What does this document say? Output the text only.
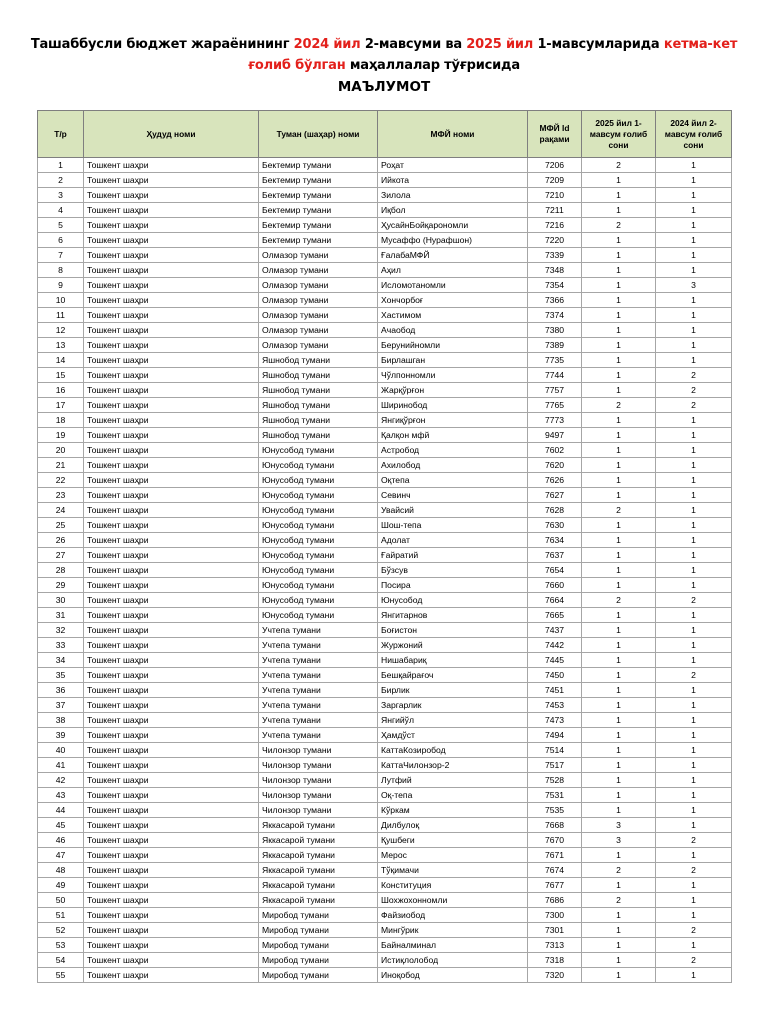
Ташаббусли бюджет жараёнининг 2024 йил 2-мавсуми ва 2025 йил 1-мавсумларида кетма-кет
ғолиб бўлган маҳаллалар тўғрисида
МАЪЛУМОТ
Т/р	Ҳудуд номи	Туман (шаҳар) номи	МФЙ номи	МФЙ Id рақами	2025 йил 1-мавсум ғолиб сони	2024 йил 2-мавсум ғолиб сони
1	Тошкент шаҳри	Бектемир тумани	Роҳат	7206	2	1
2	Тошкент шаҳри	Бектемир тумани	Ийкота	7209	1	1
3	Тошкент шаҳри	Бектемир тумани	Зилола	7210	1	1
4	Тошкент шаҳри	Бектемир тумани	Иқбол	7211	1	1
5	Тошкент шаҳри	Бектемир тумани	ҲусайнБойқарономли	7216	2	1
6	Тошкент шаҳри	Бектемир тумани	Мусаффо (Нурафшон)	7220	1	1
7	Тошкент шаҳри	Олмазор тумани	ҒалабаМФЙ	7339	1	1
8	Тошкент шаҳри	Олмазор тумани	Аҳил	7348	1	1
9	Тошкент шаҳри	Олмазор тумани	Исломотаномли	7354	1	3
10	Тошкент шаҳри	Олмазор тумани	Хончорбоғ	7366	1	1
11	Тошкент шаҳри	Олмазор тумани	Хастимом	7374	1	1
12	Тошкент шаҳри	Олмазор тумани	Ачаобод	7380	1	1
13	Тошкент шаҳри	Олмазор тумани	Берунийномли	7389	1	1
14	Тошкент шаҳри	Яшнобод тумани	Бирлашган	7735	1	1
15	Тошкент шаҳри	Яшнобод тумани	Чўлпонномли	7744	1	2
16	Тошкент шаҳри	Яшнобод тумани	Жарқўрғон	7757	1	2
17	Тошкент шаҳри	Яшнобод тумани	Ширинобод	7765	2	2
18	Тошкент шаҳри	Яшнобод тумани	Янгиқўрғон	7773	1	1
19	Тошкент шаҳри	Яшнобод тумани	Қалқон мфй	9497	1	1
20	Тошкент шаҳри	Юнусобод тумани	Астробод	7602	1	1
21	Тошкент шаҳри	Юнусобод тумани	Ахилобод	7620	1	1
22	Тошкент шаҳри	Юнусобод тумани	Оқтепа	7626	1	1
23	Тошкент шаҳри	Юнусобод тумани	Севинч	7627	1	1
24	Тошкент шаҳри	Юнусобод тумани	Увайсий	7628	2	1
25	Тошкент шаҳри	Юнусобод тумани	Шош-тепа	7630	1	1
26	Тошкент шаҳри	Юнусобод тумани	Адолат	7634	1	1
27	Тошкент шаҳри	Юнусобод тумани	Ғайратий	7637	1	1
28	Тошкент шаҳри	Юнусобод тумани	Бўзсув	7654	1	1
29	Тошкент шаҳри	Юнусобод тумани	Посира	7660	1	1
30	Тошкент шаҳри	Юнусобод тумани	Юнусобод	7664	2	2
31	Тошкент шаҳри	Юнусобод тумани	Янгитарнов	7665	1	1
32	Тошкент шаҳри	Учтепа тумани	Боғистон	7437	1	1
33	Тошкент шаҳри	Учтепа тумани	Журжоний	7442	1	1
34	Тошкент шаҳри	Учтепа тумани	Нишабариқ	7445	1	1
35	Тошкент шаҳри	Учтепа тумани	Бешқайрағоч	7450	1	2
36	Тошкент шаҳри	Учтепа тумани	Бирлик	7451	1	1
37	Тошкент шаҳри	Учтепа тумани	Заргарлик	7453	1	1
38	Тошкент шаҳри	Учтепа тумани	Янгийўл	7473	1	1
39	Тошкент шаҳри	Учтепа тумани	Ҳамдўст	7494	1	1
40	Тошкент шаҳри	Чилонзор тумани	КаттаКозиробод	7514	1	1
41	Тошкент шаҳри	Чилонзор тумани	КаттаЧилонзор-2	7517	1	1
42	Тошкент шаҳри	Чилонзор тумани	Лутфий	7528	1	1
43	Тошкент шаҳри	Чилонзор тумани	Оқ-тепа	7531	1	1
44	Тошкент шаҳри	Чилонзор тумани	Кўркам	7535	1	1
45	Тошкент шаҳри	Яккасарой тумани	Дилбулоқ	7668	3	1
46	Тошкент шаҳри	Яккасарой тумани	Қушбеги	7670	3	2
47	Тошкент шаҳри	Яккасарой тумани	Мерос	7671	1	1
48	Тошкент шаҳри	Яккасарой тумани	Тўқимачи	7674	2	2
49	Тошкент шаҳри	Яккасарой тумани	Конституция	7677	1	1
50	Тошкент шаҳри	Яккасарой тумани	Шохжохонномли	7686	2	1
51	Тошкент шаҳри	Миробод тумани	Файзиобод	7300	1	1
52	Тошкент шаҳри	Миробод тумани	Мингўрик	7301	1	2
53	Тошкент шаҳри	Миробод тумани	Байналминал	7313	1	1
54	Тошкент шаҳри	Миробод тумани	Истиқлолобод	7318	1	2
55	Тошкент шаҳри	Миробод тумани	Иноқобод	7320	1	1
